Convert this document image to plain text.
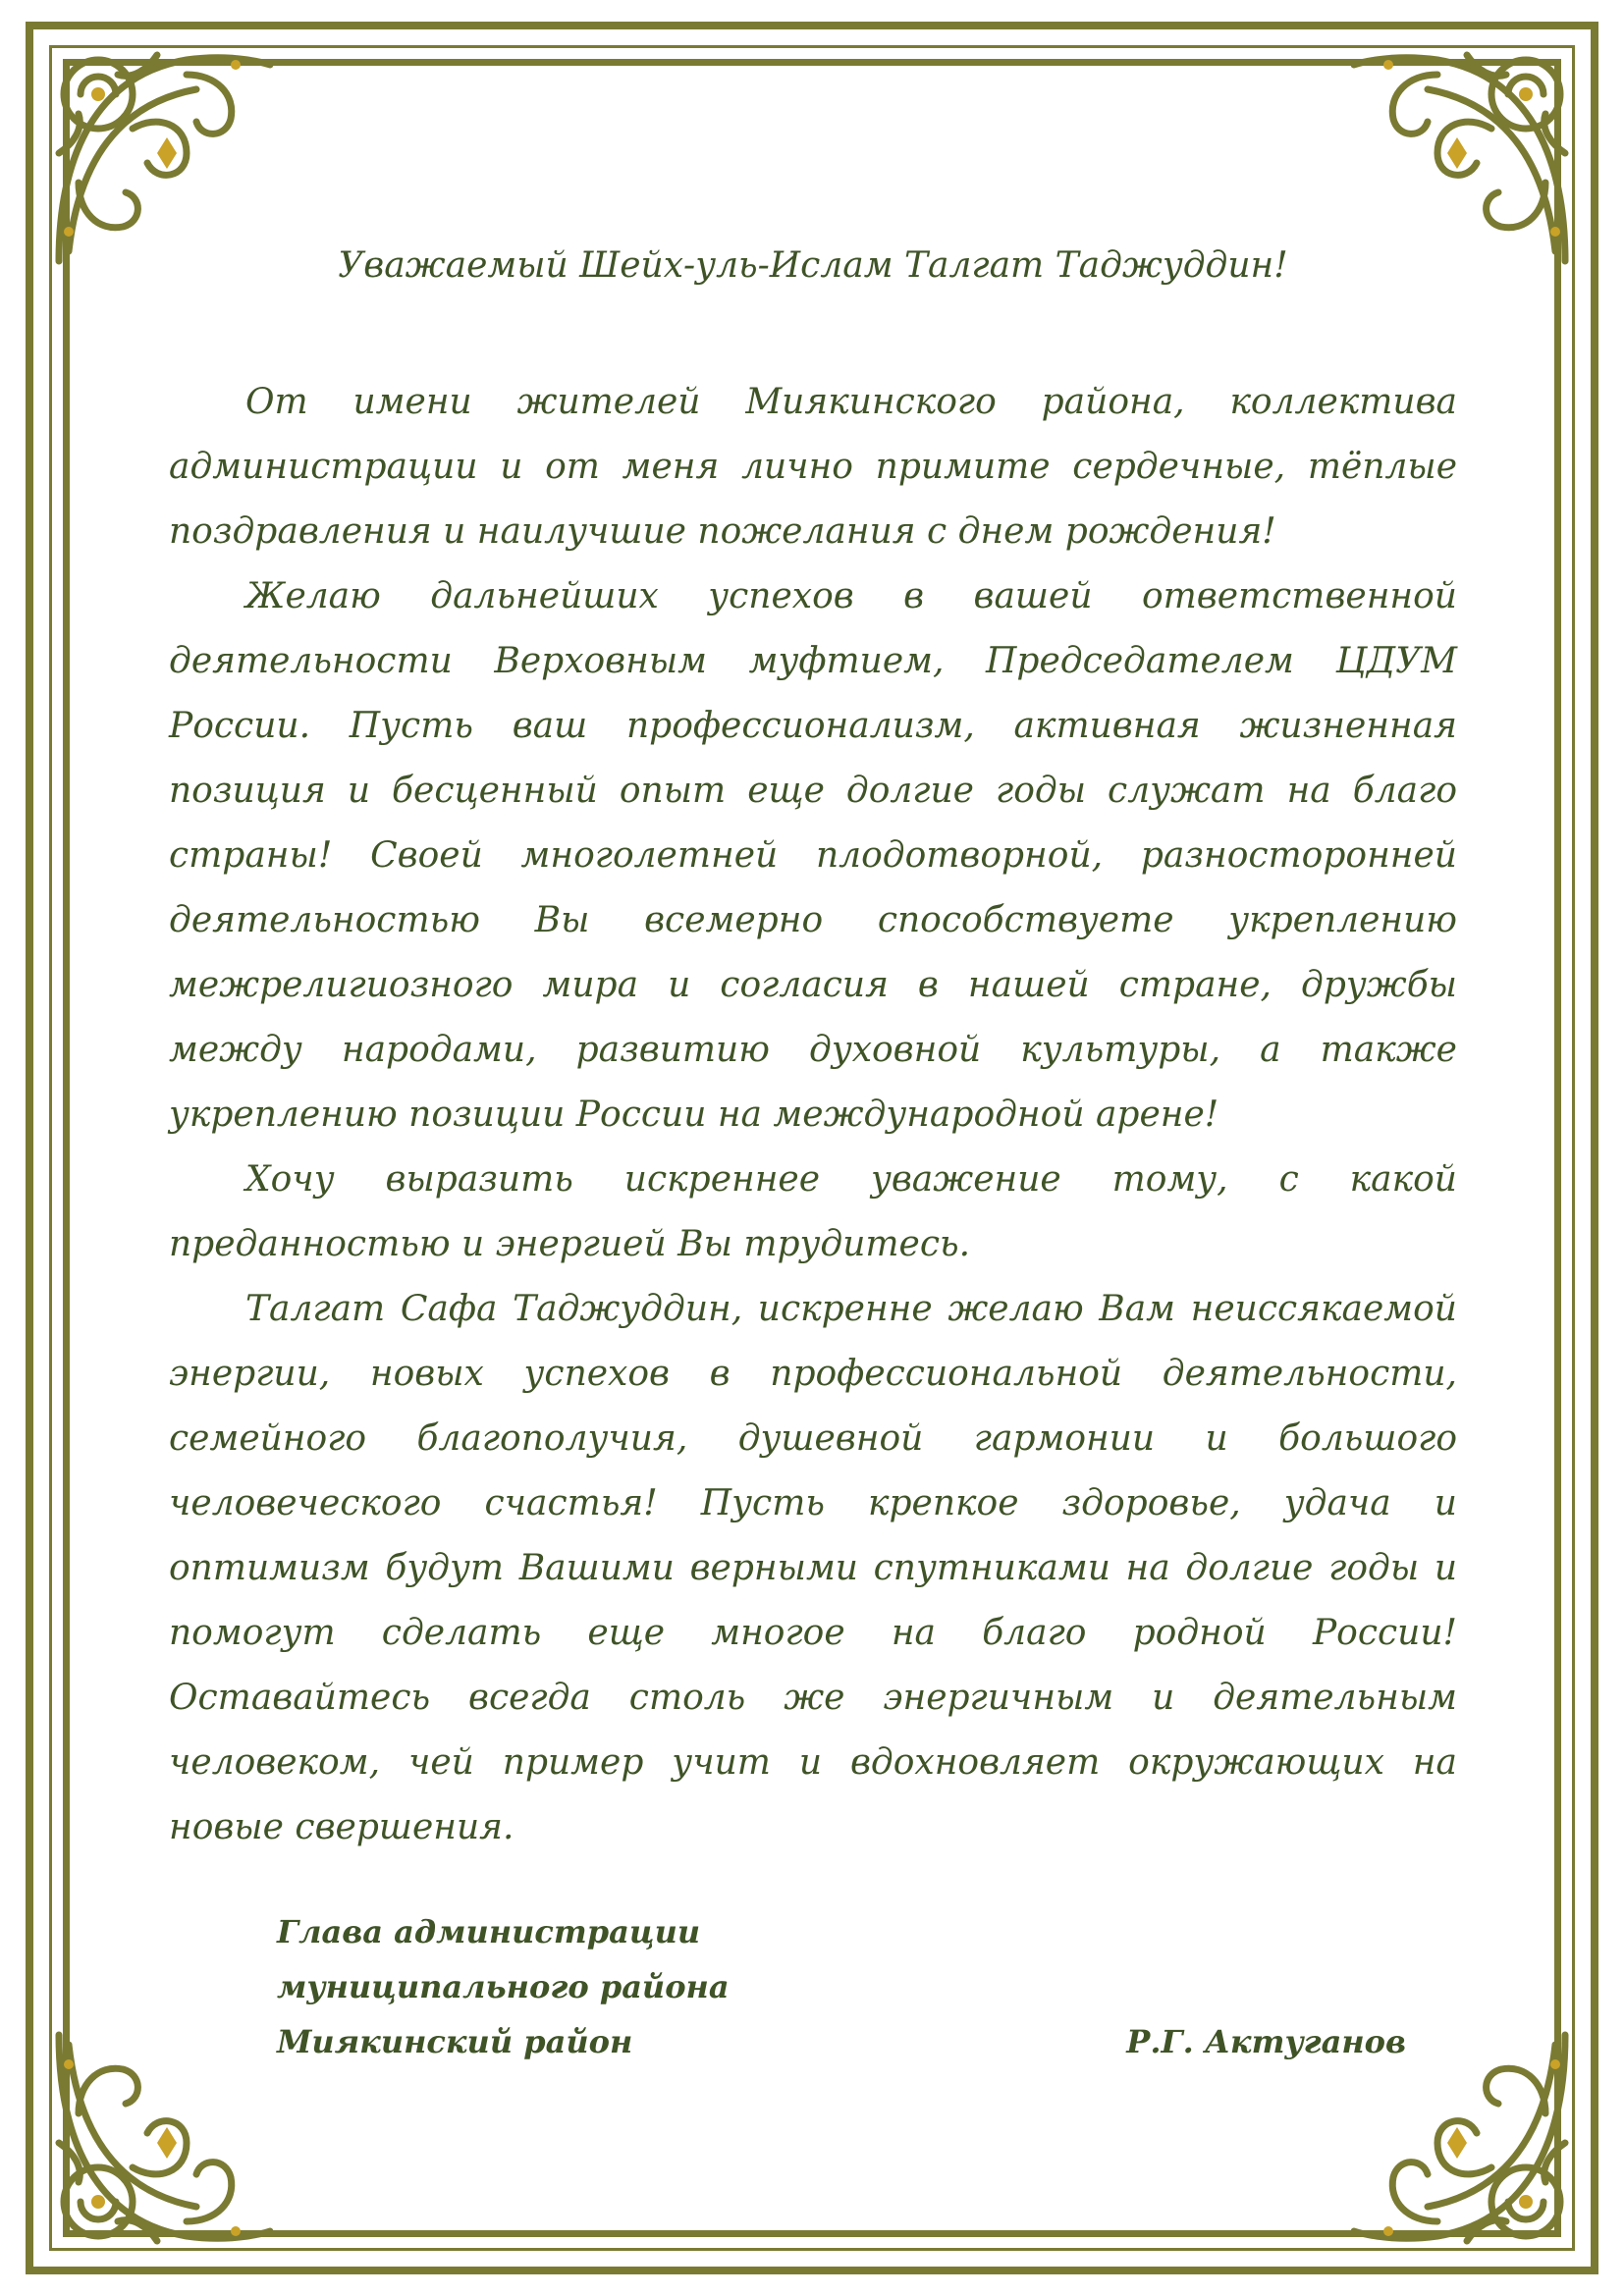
Уважаемый Шейх-уль-Ислам Талгат Таджуддин!

От имени жителей Миякинского района, коллектива администрации и от меня лично примите сердечные, тёплые поздравления и наилучшие пожелания с днем рождения!

Желаю дальнейших успехов в вашей ответственной деятельности Верховным муфтием, Председателем ЦДУМ России. Пусть ваш профессионализм, активная жизненная позиция и бесценный опыт еще долгие годы служат на благо страны! Своей многолетней плодотворной, разносторонней деятельностью Вы всемерно способствуете укреплению межрелигиозного мира и согласия в нашей стране, дружбы между народами, развитию духовной культуры, а также укреплению позиции России на международной арене!

Хочу выразить искреннее уважение тому, с какой преданностью и энергией Вы трудитесь.

Талгат Сафа Таджуддин, искренне желаю Вам неиссякаемой энергии, новых успехов в профессиональной деятельности, семейного благополучия, душевной гармонии и большого человеческого счастья! Пусть крепкое здоровье, удача и оптимизм будут Вашими верными спутниками на долгие годы и помогут сделать еще многое на благо родной России! Оставайтесь всегда столь же энергичным и деятельным человеком, чей пример учит и вдохновляет окружающих на новые свершения.

Глава администрации
муниципального района
Миякинский район	Р.Г. Актуганов
